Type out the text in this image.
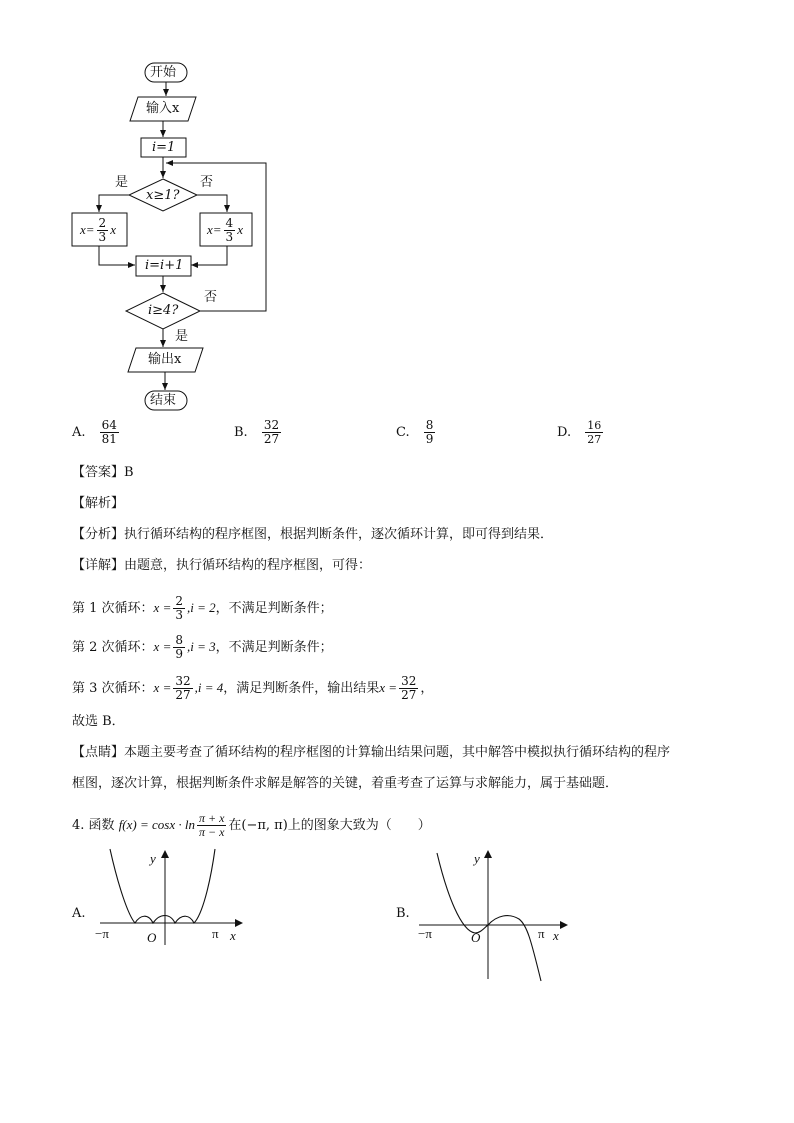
开始
输入x
i=1
x≥1?
是	否
$x= \frac{2}{3}$ x	$x= \frac{4}{3}$ x
i=i+1
i≥4?
否
是
输出x
结束
A. $\frac{64}{81}$	B. $\frac{32}{27}$	C. $\frac{8}{9}$	D. $\frac{16}{27}$
【答案】B
【解析】
【分析】执行循环结构的程序框图，根据判断条件，逐次循环计算，即可得到结果．
【详解】由题意，执行循环结构的程序框图，可得：
第 1 次循环：$x = \frac{2}{3} ,i = 2$，不满足判断条件；
第 2 次循环：$x = \frac{8}{9} ,i = 3$，不满足判断条件；
第 3 次循环：$x = \frac{32}{27} ,i = 4$，满足判断条件，输出结果$x = \frac{32}{27}$ ，
故选 B．
【点睛】本题主要考查了循环结构的程序框图的计算输出结果问题，其中解答中模拟执行循环结构的程序
框图，逐次计算，根据判断条件求解是解答的关键，着重考查了运算与求解能力，属于基础题．
4. 函数 $f(x) = \cos x \cdot \ln \frac{\pi + x}{\pi - x}$ 在(−π, π)上的图象大致为（　　）
A.
y
x
−π	π
O
B.
y
x
−π	π
O
